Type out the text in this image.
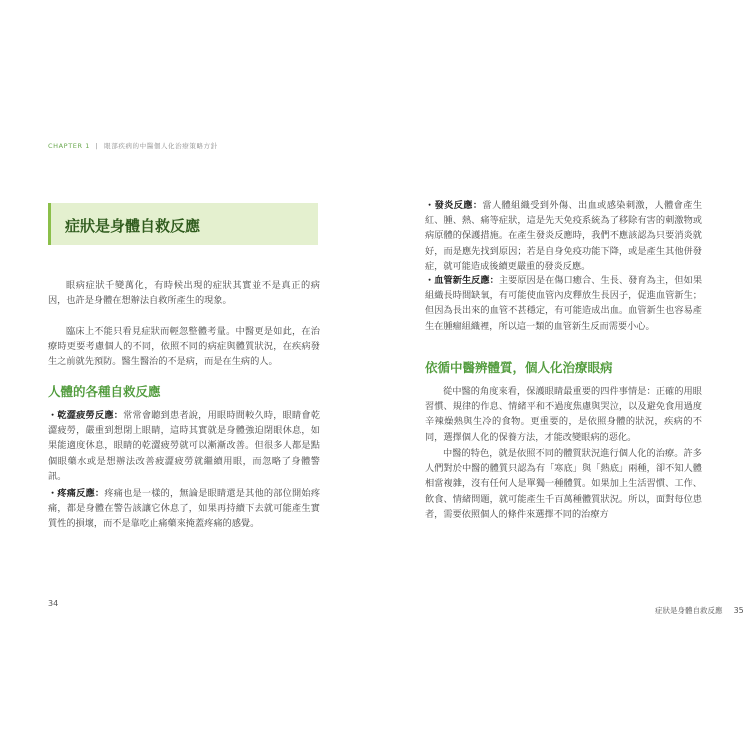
CHAPTER 1 | 眼部疾病的中醫個人化治療策略方針
症狀是身體自救反應
眼病症狀千變萬化，有時候出現的症狀其實並不是真正的病因，也許是身體在想辦法自救所產生的現象。
臨床上不能只看見症狀而輕忽整體考量。中醫更是如此，在治療時更要考慮個人的不同，依照不同的病症與體質狀況，在疾病發生之前就先預防。醫生醫治的不是病，而是在生病的人。
人體的各種自救反應
・乾澀疲勞反應：常常會聽到患者說，用眼時間較久時，眼睛會乾澀疲勞，嚴重到想閉上眼睛，這時其實就是身體強迫閉眼休息，如果能適度休息，眼睛的乾澀疲勞就可以漸漸改善。但很多人都是點個眼藥水或是想辦法改善疲澀疲勞就繼續用眼，而忽略了身體警訊。
・疼痛反應：疼痛也是一樣的，無論是眼睛還是其他的部位開始疼痛，都是身體在警告該讓它休息了，如果再持續下去就可能產生實質性的損壞，而不是靠吃止痛藥來掩蓋疼痛的感覺。
34
・發炎反應：當人體組織受到外傷、出血或感染刺激，人體會產生紅、腫、熱、痛等症狀，這是先天免疫系統為了移除有害的刺激物或病原體的保護措施。在產生發炎反應時，我們不應該認為只要消炎就好，而是應先找到原因；若是自身免疫功能下降，或是產生其他併發症，就可能造成後續更嚴重的發炎反應。
・血管新生反應：主要原因是在傷口癒合、生長、發育為主，但如果組織長時間缺氧，有可能使血管內皮釋放生長因子，促進血管新生；但因為長出來的血管不甚穩定，有可能造成出血。血管新生也容易產生在腫瘤組織裡，所以這一類的血管新生反而需要小心。
依循中醫辨體質，個人化治療眼病
從中醫的角度來看，保護眼睛最重要的四件事情是：正確的用眼習慣、規律的作息、情緒平和不過度焦慮與哭泣，以及避免食用過度辛辣燥熱與生冷的食物。更重要的，是依照身體的狀況，疾病的不同，選擇個人化的保養方法，才能改變眼病的惡化。
中醫的特色，就是依照不同的體質狀況進行個人化的治療。許多人們對於中醫的體質只認為有「寒底」與「熱底」兩種，卻不知人體相當複雜，沒有任何人是單獨一種體質。如果加上生活習慣、工作、飲食、情緒問題，就可能產生千百萬種體質狀況。所以，面對每位患者，需要依照個人的條件來選擇不同的治療方
症狀是身體自救反應 35
